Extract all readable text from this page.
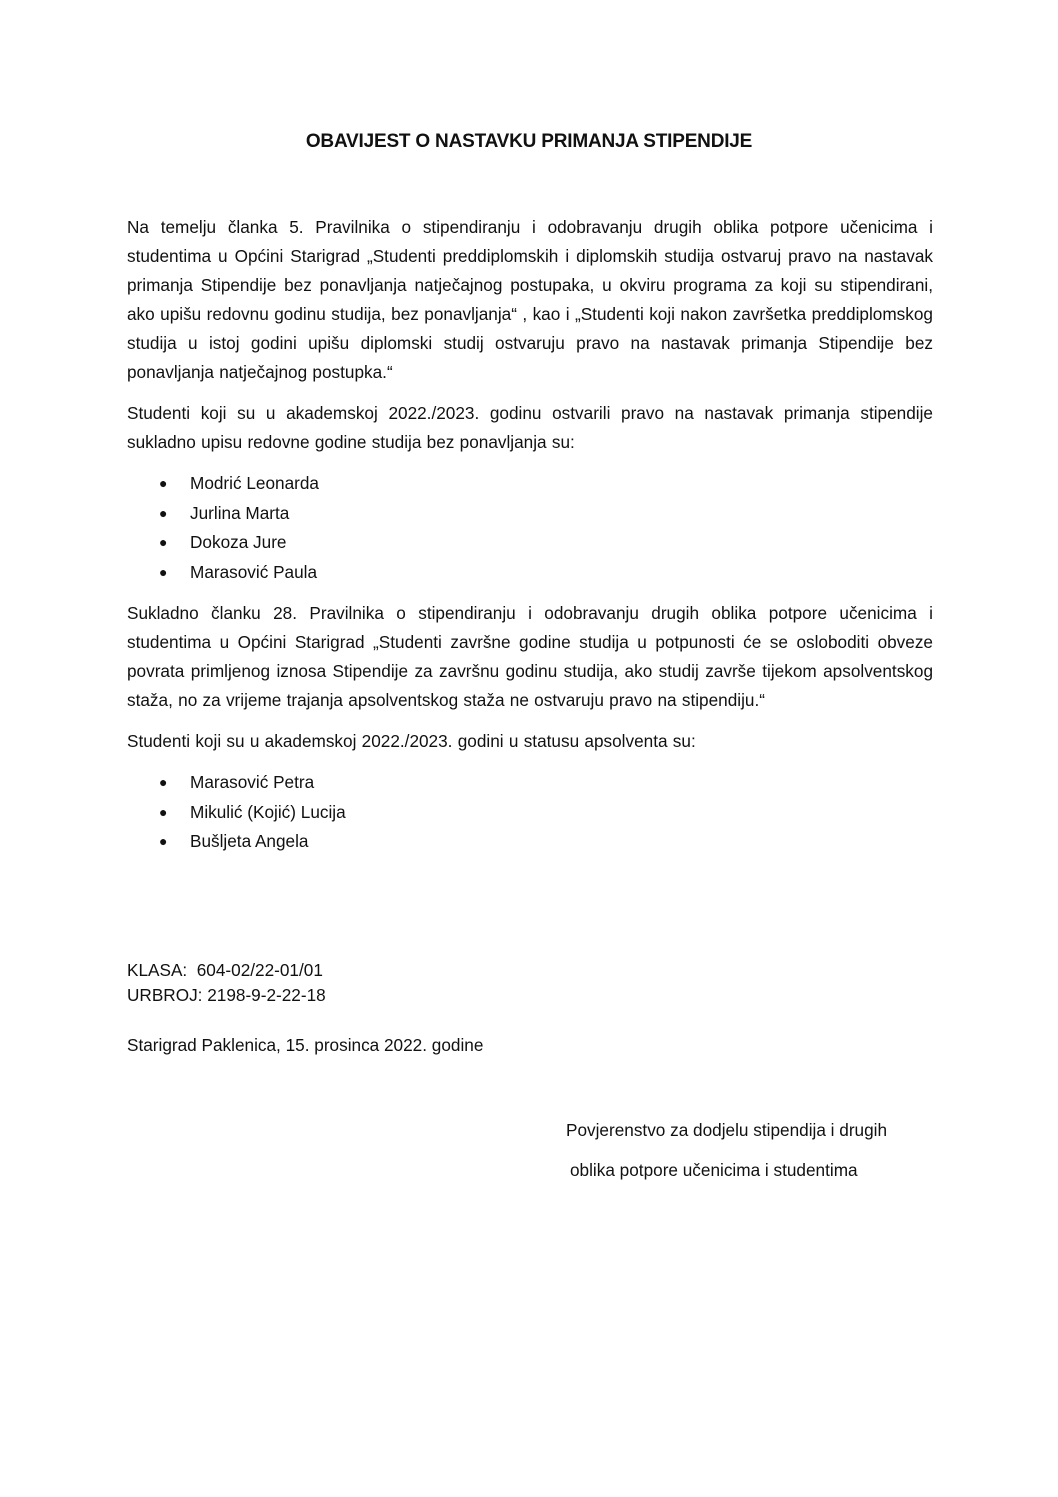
OBAVIJEST O NASTAVKU PRIMANJA STIPENDIJE

Na temelju članka 5. Pravilnika o stipendiranju i odobravanju drugih oblika potpore učenicima i studentima u Općini Starigrad „Studenti preddiplomskih i diplomskih studija ostvaruj pravo na nastavak primanja Stipendije bez ponavljanja natječajnog postupaka, u okviru programa za koji su stipendirani, ako upišu redovnu godinu studija, bez ponavljanja“ , kao i „Studenti koji nakon završetka preddiplomskog studija u istoj godini upišu diplomski studij ostvaruju pravo na nastavak primanja Stipendije bez ponavljanja natječajnog postupka.“

Studenti koji su u akademskoj 2022./2023. godinu ostvarili pravo na nastavak primanja stipendije sukladno upisu redovne godine studija bez ponavljanja su:

● Modrić Leonarda
● Jurlina Marta
● Dokoza Jure
● Marasović Paula

Sukladno članku 28. Pravilnika o stipendiranju i odobravanju drugih oblika potpore učenicima i studentima u Općini Starigrad „Studenti završne godine studija u potpunosti će se osloboditi obveze povrata primljenog iznosa Stipendije za završnu godinu studija, ako studij završe tijekom apsolventskog staža, no za vrijeme trajanja apsolventskog staža ne ostvaruju pravo na stipendiju.“

Studenti koji su u akademskoj 2022./2023. godini u statusu apsolventa su:

● Marasović Petra
● Mikulić (Kojić) Lucija
● Bušljeta Angela

KLASA:  604-02/22-01/01

URBROJ: 2198-9-2-22-18

Starigrad Paklenica, 15. prosinca 2022. godine

Povjerenstvo za dodjelu stipendija i drugih

oblika potpore učenicima i studentima
